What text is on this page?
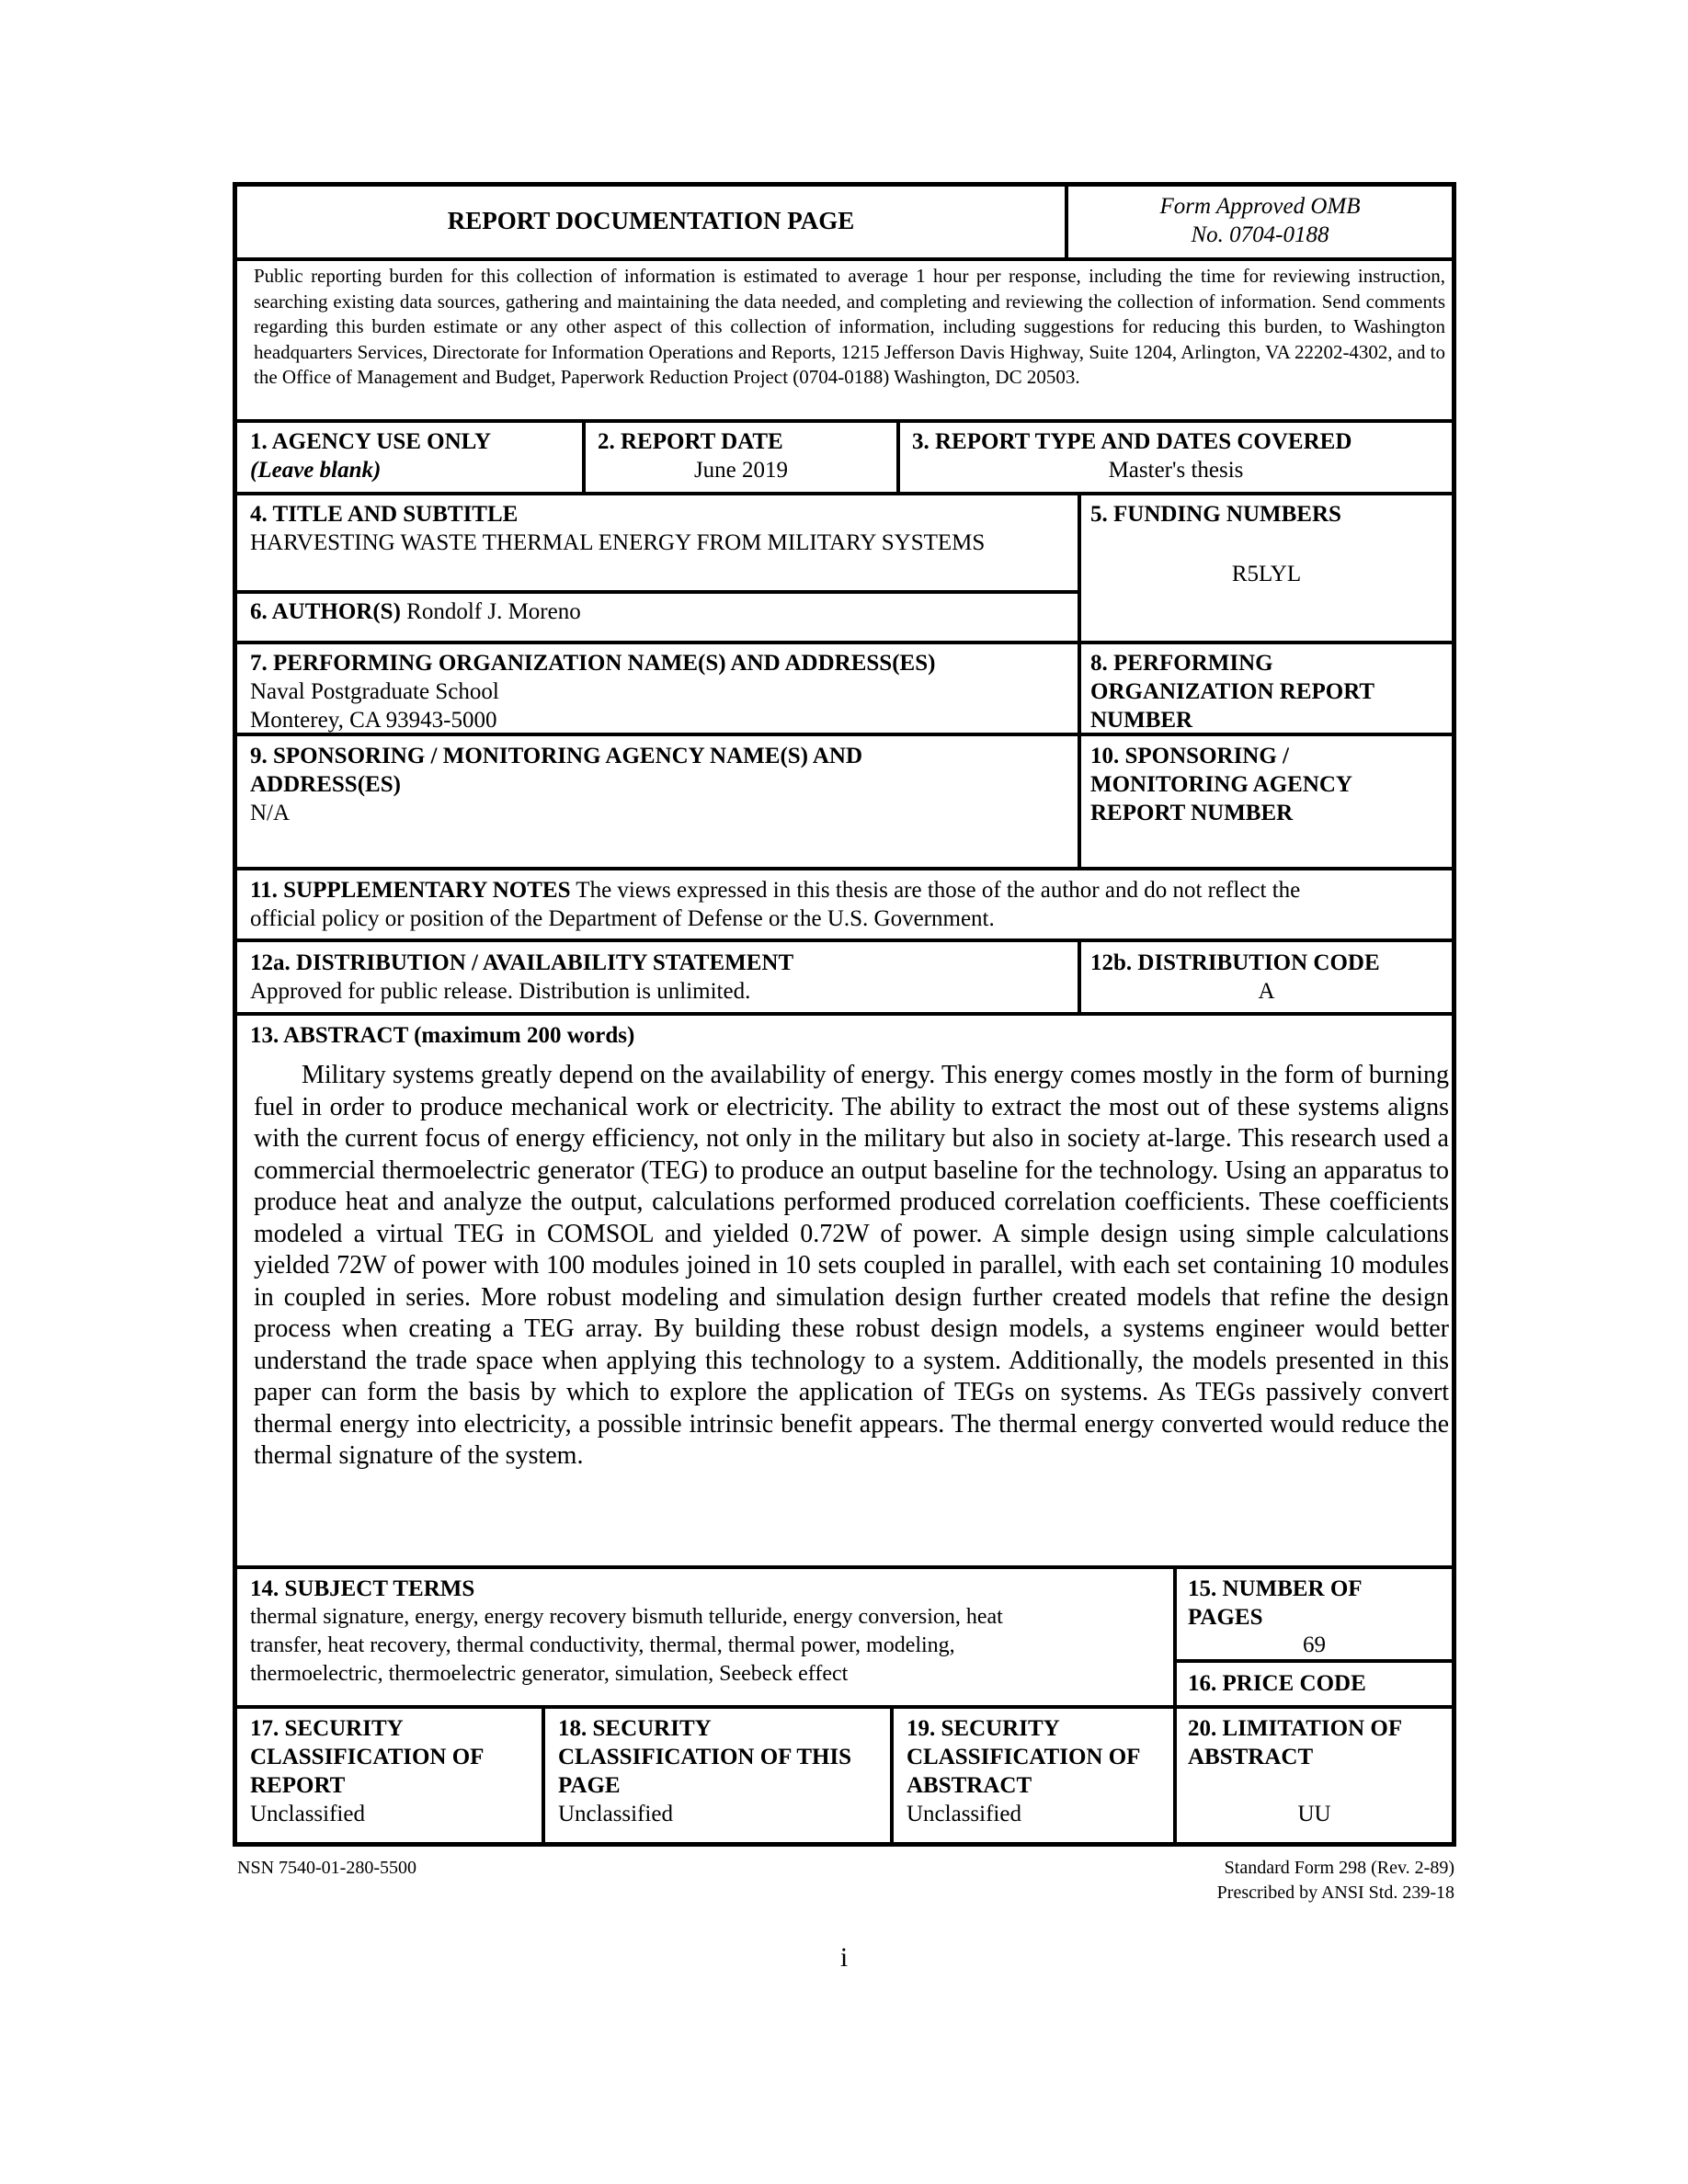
REPORT DOCUMENTATION PAGE
Form Approved OMB
No. 0704-0188
Public reporting burden for this collection of information is estimated to average 1 hour per response, including the time for reviewing instruction, searching existing data sources, gathering and maintaining the data needed, and completing and reviewing the collection of information. Send comments regarding this burden estimate or any other aspect of this collection of information, including suggestions for reducing this burden, to Washington headquarters Services, Directorate for Information Operations and Reports, 1215 Jefferson Davis Highway, Suite 1204, Arlington, VA 22202-4302, and to the Office of Management and Budget, Paperwork Reduction Project (0704-0188) Washington, DC 20503.
1. AGENCY USE ONLY
(Leave blank)
2. REPORT DATE
June 2019
3. REPORT TYPE AND DATES COVERED
Master's thesis
4. TITLE AND SUBTITLE
HARVESTING WASTE THERMAL ENERGY FROM MILITARY SYSTEMS
5. FUNDING NUMBERS
R5LYL
6. AUTHOR(S) Rondolf J. Moreno
7. PERFORMING ORGANIZATION NAME(S) AND ADDRESS(ES)
Naval Postgraduate School
Monterey, CA 93943-5000
8. PERFORMING
ORGANIZATION REPORT
NUMBER
9. SPONSORING / MONITORING AGENCY NAME(S) AND
ADDRESS(ES)
N/A
10. SPONSORING /
MONITORING AGENCY
REPORT NUMBER
11. SUPPLEMENTARY NOTES The views expressed in this thesis are those of the author and do not reflect the
official policy or position of the Department of Defense or the U.S. Government.
12a. DISTRIBUTION / AVAILABILITY STATEMENT
Approved for public release. Distribution is unlimited.
12b. DISTRIBUTION CODE
A
13. ABSTRACT (maximum 200 words)
Military systems greatly depend on the availability of energy. This energy comes mostly in the form of burning fuel in order to produce mechanical work or electricity. The ability to extract the most out of these systems aligns with the current focus of energy efficiency, not only in the military but also in society at-large. This research used a commercial thermoelectric generator (TEG) to produce an output baseline for the technology. Using an apparatus to produce heat and analyze the output, calculations performed produced correlation coefficients. These coefficients modeled a virtual TEG in COMSOL and yielded 0.72W of power. A simple design using simple calculations yielded 72W of power with 100 modules joined in 10 sets coupled in parallel, with each set containing 10 modules in coupled in series. More robust modeling and simulation design further created models that refine the design process when creating a TEG array. By building these robust design models, a systems engineer would better understand the trade space when applying this technology to a system. Additionally, the models presented in this paper can form the basis by which to explore the application of TEGs on systems. As TEGs passively convert thermal energy into electricity, a possible intrinsic benefit appears. The thermal energy converted would reduce the thermal signature of the system.
14. SUBJECT TERMS
thermal signature, energy, energy recovery bismuth telluride, energy conversion, heat
transfer, heat recovery, thermal conductivity, thermal, thermal power, modeling,
thermoelectric, thermoelectric generator, simulation, Seebeck effect
15. NUMBER OF
PAGES
69
16. PRICE CODE
17. SECURITY
CLASSIFICATION OF
REPORT
Unclassified
18. SECURITY
CLASSIFICATION OF THIS
PAGE
Unclassified
19. SECURITY
CLASSIFICATION OF
ABSTRACT
Unclassified
20. LIMITATION OF
ABSTRACT
UU
NSN 7540-01-280-5500	Standard Form 298 (Rev. 2-89)
Prescribed by ANSI Std. 239-18
i
